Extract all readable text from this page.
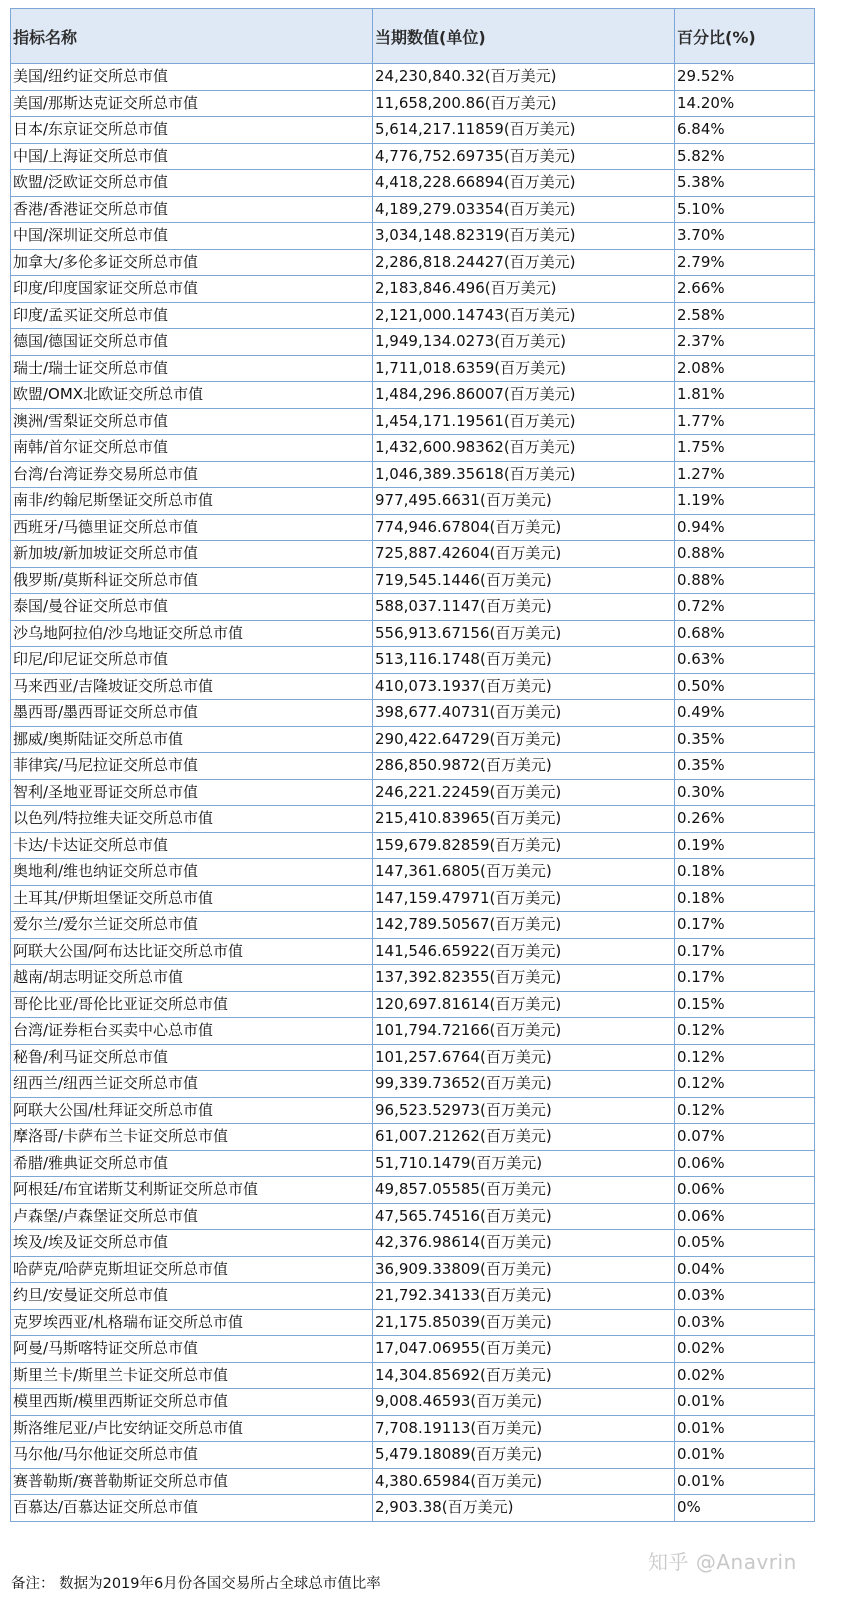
指标名称	当期数值(单位)	百分比(%)
美国/纽约证交所总市值	24,230,840.32(百万美元)	29.52%
美国/那斯达克证交所总市值	11,658,200.86(百万美元)	14.20%
日本/东京证交所总市值	5,614,217.11859(百万美元)	6.84%
中国/上海证交所总市值	4,776,752.69735(百万美元)	5.82%
欧盟/泛欧证交所总市值	4,418,228.66894(百万美元)	5.38%
香港/香港证交所总市值	4,189,279.03354(百万美元)	5.10%
中国/深圳证交所总市值	3,034,148.82319(百万美元)	3.70%
加拿大/多伦多证交所总市值	2,286,818.24427(百万美元)	2.79%
印度/印度国家证交所总市值	2,183,846.496(百万美元)	2.66%
印度/孟买证交所总市值	2,121,000.14743(百万美元)	2.58%
德国/德国证交所总市值	1,949,134.0273(百万美元)	2.37%
瑞士/瑞士证交所总市值	1,711,018.6359(百万美元)	2.08%
欧盟/OMX北欧证交所总市值	1,484,296.86007(百万美元)	1.81%
澳洲/雪梨证交所总市值	1,454,171.19561(百万美元)	1.77%
南韩/首尔证交所总市值	1,432,600.98362(百万美元)	1.75%
台湾/台湾证券交易所总市值	1,046,389.35618(百万美元)	1.27%
南非/约翰尼斯堡证交所总市值	977,495.6631(百万美元)	1.19%
西班牙/马德里证交所总市值	774,946.67804(百万美元)	0.94%
新加坡/新加坡证交所总市值	725,887.42604(百万美元)	0.88%
俄罗斯/莫斯科证交所总市值	719,545.1446(百万美元)	0.88%
泰国/曼谷证交所总市值	588,037.1147(百万美元)	0.72%
沙乌地阿拉伯/沙乌地证交所总市值	556,913.67156(百万美元)	0.68%
印尼/印尼证交所总市值	513,116.1748(百万美元)	0.63%
马来西亚/吉隆坡证交所总市值	410,073.1937(百万美元)	0.50%
墨西哥/墨西哥证交所总市值	398,677.40731(百万美元)	0.49%
挪威/奥斯陆证交所总市值	290,422.64729(百万美元)	0.35%
菲律宾/马尼拉证交所总市值	286,850.9872(百万美元)	0.35%
智利/圣地亚哥证交所总市值	246,221.22459(百万美元)	0.30%
以色列/特拉维夫证交所总市值	215,410.83965(百万美元)	0.26%
卡达/卡达证交所总市值	159,679.82859(百万美元)	0.19%
奥地利/维也纳证交所总市值	147,361.6805(百万美元)	0.18%
土耳其/伊斯坦堡证交所总市值	147,159.47971(百万美元)	0.18%
爱尔兰/爱尔兰证交所总市值	142,789.50567(百万美元)	0.17%
阿联大公国/阿布达比证交所总市值	141,546.65922(百万美元)	0.17%
越南/胡志明证交所总市值	137,392.82355(百万美元)	0.17%
哥伦比亚/哥伦比亚证交所总市值	120,697.81614(百万美元)	0.15%
台湾/证券柜台买卖中心总市值	101,794.72166(百万美元)	0.12%
秘鲁/利马证交所总市值	101,257.6764(百万美元)	0.12%
纽西兰/纽西兰证交所总市值	99,339.73652(百万美元)	0.12%
阿联大公国/杜拜证交所总市值	96,523.52973(百万美元)	0.12%
摩洛哥/卡萨布兰卡证交所总市值	61,007.21262(百万美元)	0.07%
希腊/雅典证交所总市值	51,710.1479(百万美元)	0.06%
阿根廷/布宜诺斯艾利斯证交所总市值	49,857.05585(百万美元)	0.06%
卢森堡/卢森堡证交所总市值	47,565.74516(百万美元)	0.06%
埃及/埃及证交所总市值	42,376.98614(百万美元)	0.05%
哈萨克/哈萨克斯坦证交所总市值	36,909.33809(百万美元)	0.04%
约旦/安曼证交所总市值	21,792.34133(百万美元)	0.03%
克罗埃西亚/札格瑞布证交所总市值	21,175.85039(百万美元)	0.03%
阿曼/马斯喀特证交所总市值	17,047.06955(百万美元)	0.02%
斯里兰卡/斯里兰卡证交所总市值	14,304.85692(百万美元)	0.02%
模里西斯/模里西斯证交所总市值	9,008.46593(百万美元)	0.01%
斯洛维尼亚/卢比安纳证交所总市值	7,708.19113(百万美元)	0.01%
马尔他/马尔他证交所总市值	5,479.18089(百万美元)	0.01%
赛普勒斯/赛普勒斯证交所总市值	4,380.65984(百万美元)	0.01%
百慕达/百慕达证交所总市值	2,903.38(百万美元)	0%
知乎 @Anavrin
备注： 数据为2019年6月份各国交易所占全球总市值比率
